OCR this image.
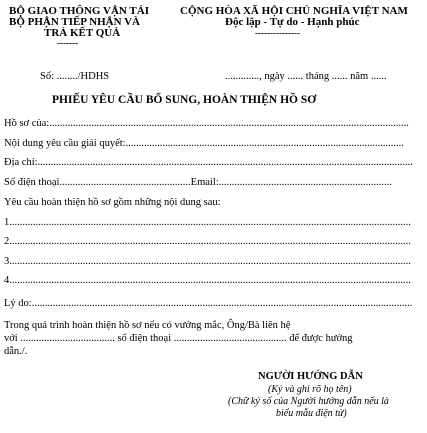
BỘ GIAO THÔNG VẬN TẢI
BỘ PHẬN TIẾP NHẬN VÀ
TRẢ KẾT QUẢ
-------
CỘNG HÒA XÃ HỘI CHỦ NGHĨA VIỆT NAM
Độc lập - Tự do - Hạnh phúc
---------------
Số: ......../HDHS	............., ngày ...... tháng ...... năm ......
PHIẾU YÊU CẦU BỔ SUNG, HOÀN THIỆN HỒ SƠ
Hồ sơ của:.........................................................................................................................................
Nội dung yêu cầu giải quyết:..........................................................................................................
Địa chỉ:...............................................................................................................................................
Số điện thoại..................................................Email:..................................................................
Yêu cầu hoàn thiện hồ sơ gồm những nội dung sau:
1.........................................................................................................................................................
2.........................................................................................................................................................
3.........................................................................................................................................................
4.........................................................................................................................................................
Lý do:.................................................................................................................................................
Trong quá trình hoàn thiện hồ sơ nếu có vướng mắc, Ông/Bà liên hệ
với .................................... số điện thoại ........................................... để được hướng
dẫn./.
NGƯỜI HƯỚNG DẪN
(Ký và ghi rõ họ tên)
(Chữ ký số của Người hướng dẫn nếu là
biểu mẫu điện tử)
